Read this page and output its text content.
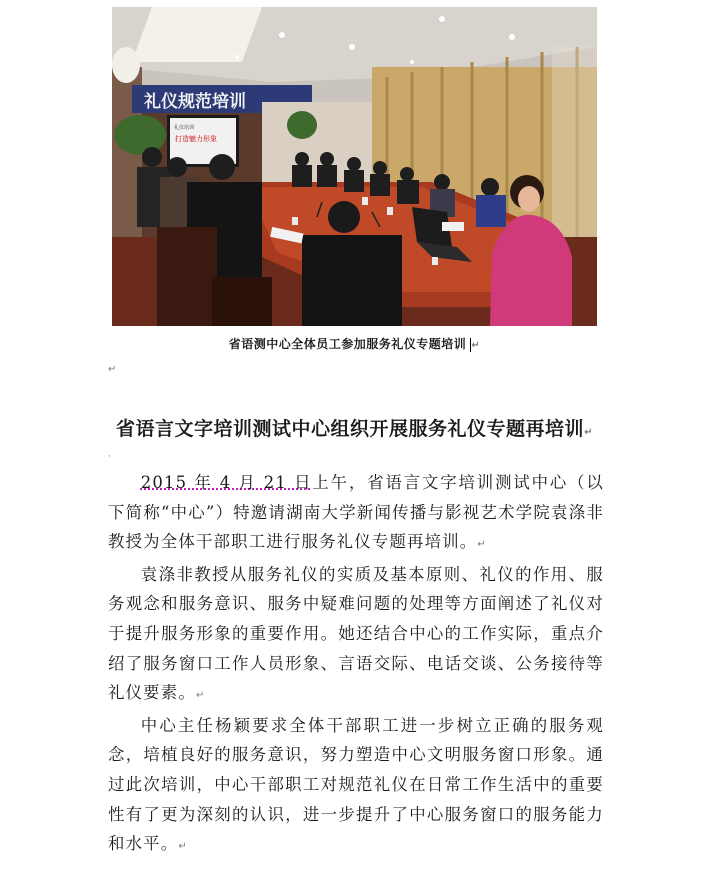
礼仪规范培训
礼仪培训
打造魅力形象
省语测中心全体员工参加服务礼仪专题培训 ↵
↵
省语言文字培训测试中心组织开展服务礼仪专题再培训↵
·

2015 年 4 月 21 日上午，省语言文字培训测试中心（以下简称“中心”）特邀请湖南大学新闻传播与影视艺术学院袁涤非教授为全体干部职工进行服务礼仪专题再培训。↵

袁涤非教授从服务礼仪的实质及基本原则、礼仪的作用、服务观念和服务意识、服务中疑难问题的处理等方面阐述了礼仪对于提升服务形象的重要作用。她还结合中心的工作实际，重点介绍了服务窗口工作人员形象、言语交际、电话交谈、公务接待等礼仪要素。↵

中心主任杨颖要求全体干部职工进一步树立正确的服务观念，培植良好的服务意识，努力塑造中心文明服务窗口形象。通过此次培训，中心干部职工对规范礼仪在日常工作生活中的重要性有了更为深刻的认识，进一步提升了中心服务窗口的服务能力和水平。↵
